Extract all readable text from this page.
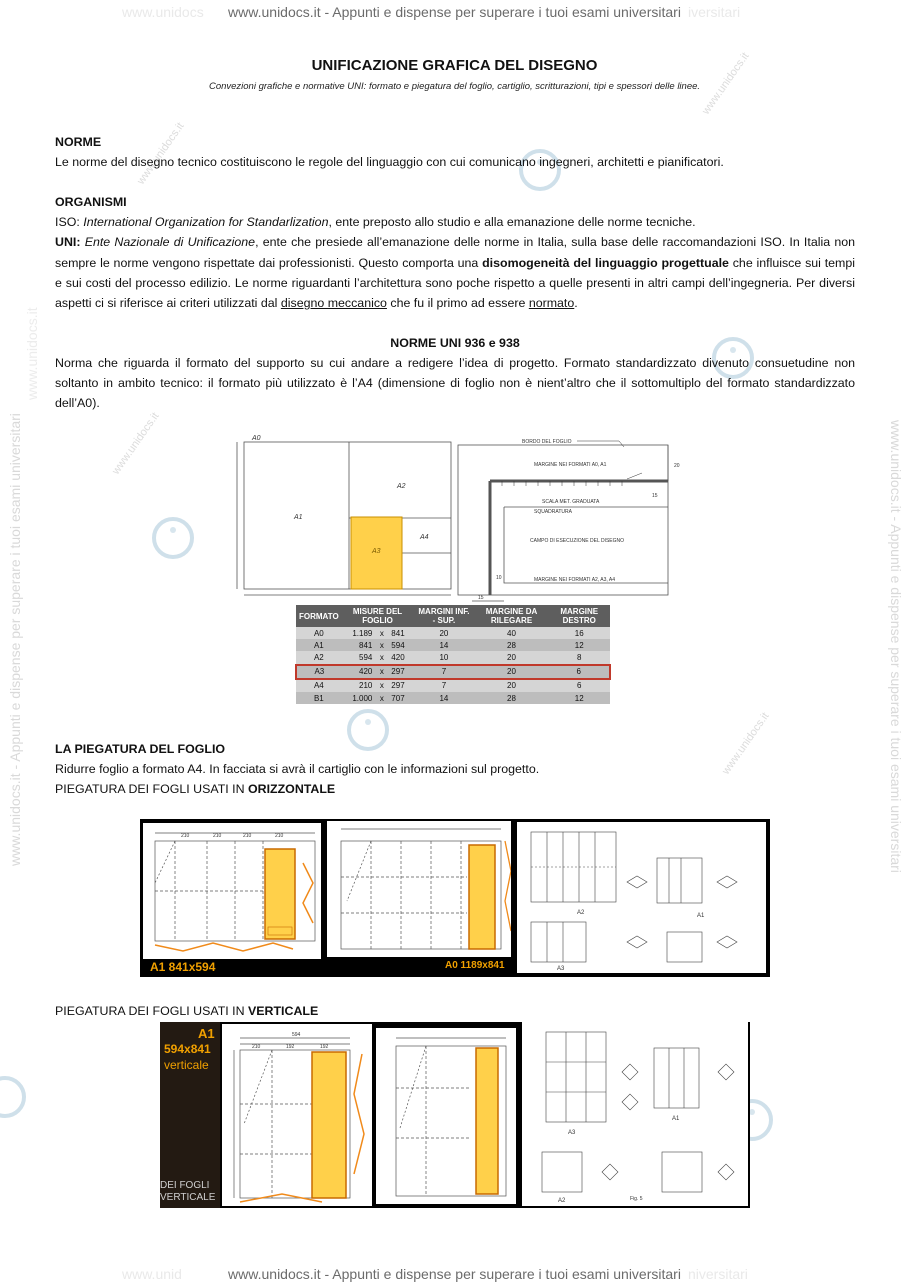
www.unidocs	iversitari
www.unidocs.it - Appunti e dispense per superare i tuoi esami universitari
www.unid	niversitari
www.unidocs.it - Appunti e dispense per superare i tuoi esami universitari
www.unidocs.it - Appunti e dispense per superare i tuoi esami universitari
www.unidocs.it
www.unidocs.it - Appunti e dispense per superare i tuoi esami universitari
www.unidocs.it
www.unidocs.it
www.unidocs.it
www.unidocs.it
UNIFICAZIONE GRAFICA DEL DISEGNO
Convezioni grafiche e normative UNI: formato e piegatura del foglio, cartiglio, scritturazioni, tipi e spessori delle linee.
NORME
Le norme del disegno tecnico costituiscono le regole del linguaggio con cui comunicano ingegneri, architetti e pianificatori.
ORGANISMI
ISO: International Organization for Standarlization, ente preposto allo studio e alla emanazione delle norme tecniche.
UNI: Ente Nazionale di Unificazione, ente che presiede all’emanazione delle norme in Italia, sulla base delle raccomandazioni ISO. In Italia non sempre le norme vengono rispettate dai professionisti. Questo comporta una disomogeneità del linguaggio progettuale che influisce sui tempi e sui costi del processo edilizio. Le norme riguardanti l’architettura sono poche rispetto a quelle presenti in altri campi dell’ingegneria. Per diversi aspetti ci si riferisce ai criteri utilizzati dal disegno meccanico che fu il primo ad essere normato.
NORME UNI 936 e 938
Norma che riguarda il formato del supporto su cui andare a redigere l’idea di progetto. Formato standardizzato divenuto consuetudine non soltanto in ambito tecnico: il formato più utilizzato è l’A4 (dimensione di foglio non è nient’altro che il sottomultiplo del formato standardizzato dell’A0).
A0
A1
A2
A3
A4
BORDO DEL FOGLIO
MARGINE NEI FORMATI A0, A1
SCALA MET. GRADUATA
SQUADRATURA
CAMPO DI ESECUZIONE DEL DISEGNO
MARGINE NEI FORMATI A2, A3, A4
20
10
15
15
FORMATO	MISURE DEL FOGLIO			MARGINI INF. - SUP.	MARGINE DA RILEGARE	MARGINE DESTRO
A0	1.189	x	841	20	40	16
A1	841	x	594	14	28	12
A2	594	x	420	10	20	8
A3	420	x	297	7	20	6
A4	210	x	297	7	20	6
B1	1.000	x	707	14	28	12
LA PIEGATURA DEL FOGLIO
Ridurre foglio a formato A4. In facciata si avrà il cartiglio con le informazioni sul progetto.
PIEGATURA DEI FOGLI USATI IN ORIZZONTALE
210	210	210	210
A1 841x594	A0 1189x841
A1
A2
A3
PIEGATURA DEI FOGLI USATI IN VERTICALE
A1
594x841
verticale
DEI FOGLI
VERTICALE
594
210	192	192
A3
A1
A2	Fig. 5
